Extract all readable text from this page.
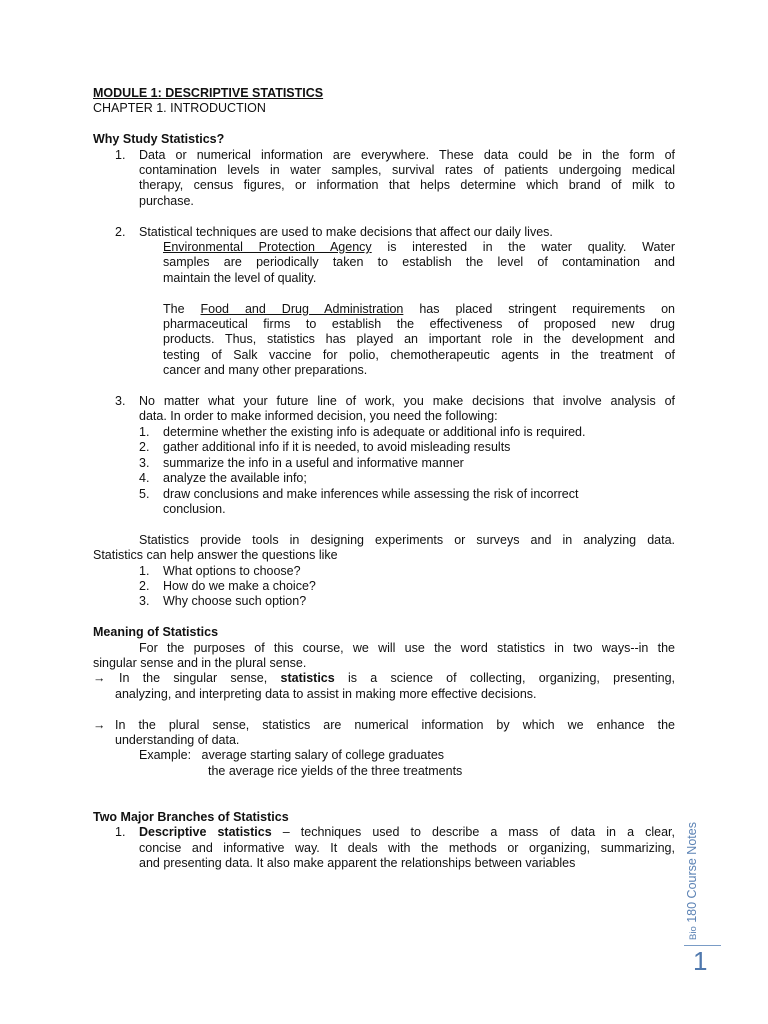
MODULE 1: DESCRIPTIVE STATISTICS
CHAPTER 1. INTRODUCTION
Why Study Statistics?
1. Data or numerical information are everywhere. These data could be in the form of
contamination levels in water samples, survival rates of patients undergoing medical
therapy, census figures, or information that helps determine which brand of milk to
purchase.
2. Statistical techniques are used to make decisions that affect our daily lives.
Environmental Protection Agency is interested in the water quality. Water
samples are periodically taken to establish the level of contamination and
maintain the level of quality.
The Food and Drug Administration has placed stringent requirements on
pharmaceutical firms to establish the effectiveness of proposed new drug
products. Thus, statistics has played an important role in the development and
testing of Salk vaccine for polio, chemotherapeutic agents in the treatment of
cancer and many other preparations.
3. No matter what your future line of work, you make decisions that involve analysis of
data. In order to make informed decision, you need the following:
1. determine whether the existing info is adequate or additional info is required.
2. gather additional info if it is needed, to avoid misleading results
3. summarize the info in a useful and informative manner
4. analyze the available info;
5. draw conclusions and make inferences while assessing the risk of incorrect
conclusion.
Statistics provide tools in designing experiments or surveys and in analyzing data.
Statistics can help answer the questions like
1. What options to choose?
2. How do we make a choice?
3. Why choose such option?
Meaning of Statistics
For the purposes of this course, we will use the word statistics in two ways--in the
singular sense and in the plural sense.
→	In the singular sense, statistics is a science of collecting, organizing, presenting,
analyzing, and interpreting data to assist in making more effective decisions.
→ In the plural sense, statistics are numerical information by which we enhance the
understanding of data.
Example: average starting salary of college graduates
the average rice yields of the three treatments
Two Major Branches of Statistics
1. Descriptive statistics – techniques used to describe a mass of data in a clear,
concise and informative way. It deals with the methods or organizing, summarizing,
and presenting data. It also make apparent the relationships between variables
Bio 180 Course Notes
1
